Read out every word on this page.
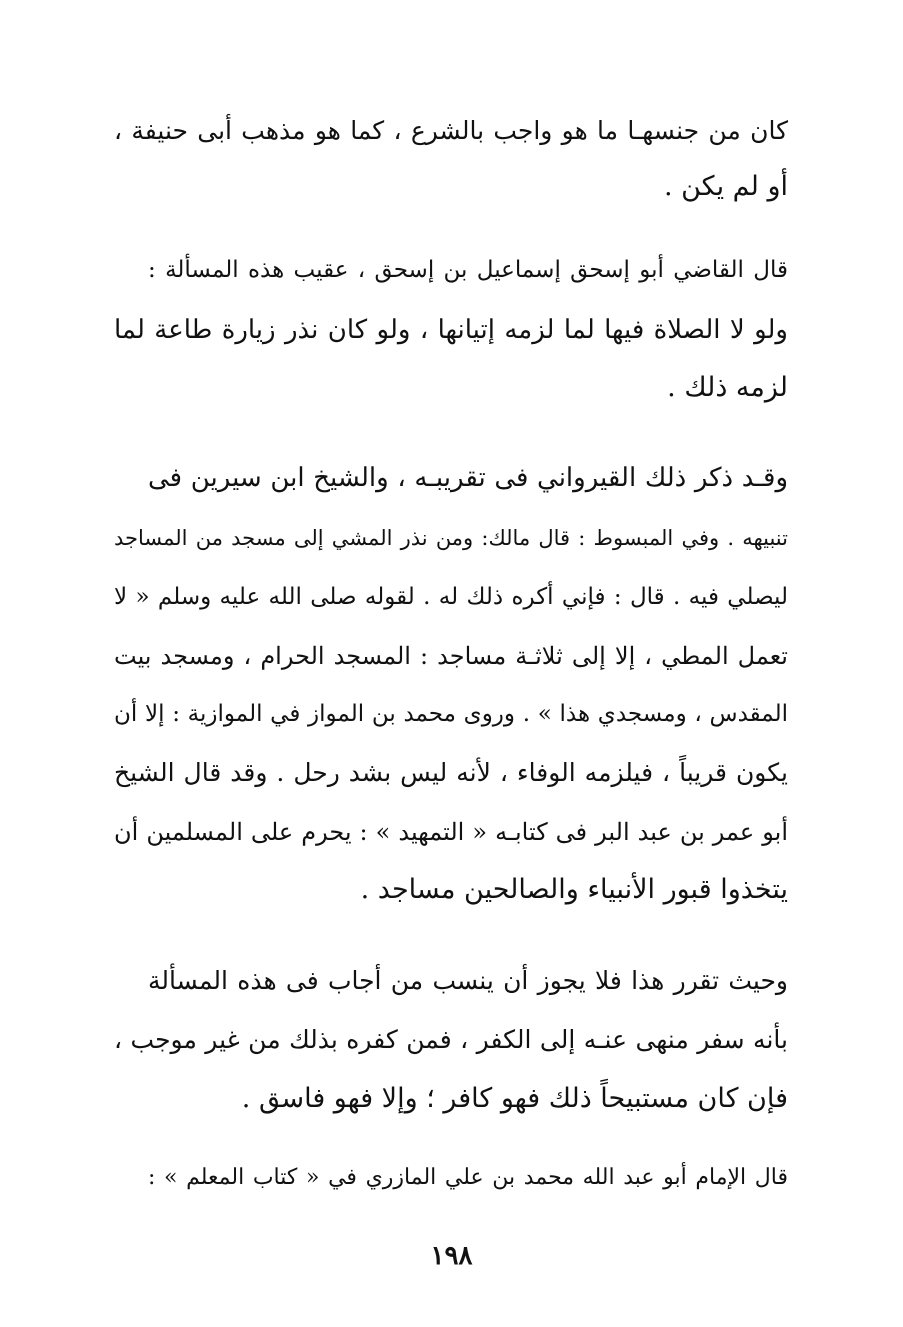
كان من جنسهـا ما هو واجب بالشرع ، كما هو مذهب أبى حنيفة ،
أو لم يكن .
قال القاضي أبو إسحق إسماعيل بن إسحق ، عقيب هذه المسألة :
ولو لا الصلاة فيها لما لزمه إتيانها ، ولو كان نذر زيارة طاعة لما
لزمه ذلك .
وقـد ذكر ذلك القيرواني فى تقريبـه ، والشيخ ابن سيرين فى
تنبيهه . وفي المبسوط : قال مالك: ومن نذر المشي إلى مسجد من المساجد
ليصلي فيه . قال : فإني أكره ذلك له . لقوله صلى الله عليه وسلم « لا
تعمل المطي ، إلا إلى ثلاثـة مساجد : المسجد الحرام ، ومسجد بيت
المقدس ، ومسجدي هذا » . وروى محمد بن المواز في الموازية : إلا أن
يكون قريباً ، فيلزمه الوفاء ، لأنه ليس بشد رحل . وقد قال الشيخ
أبو عمر بن عبد البر فى كتابـه « التمهيد » : يحرم على المسلمين أن
يتخذوا قبور الأنبياء والصالحين مساجد .
وحيث تقرر هذا فلا يجوز أن ينسب من أجاب فى هذه المسألة
بأنه سفر منهى عنـه إلى الكفر ، فمن كفره بذلك من غير موجب ،
فإن كان مستبيحاً ذلك فهو كافر ؛ وإلا فهو فاسق .
قال الإمام أبو عبد الله محمد بن علي المازري في « كتاب المعلم » :
١٩٨
